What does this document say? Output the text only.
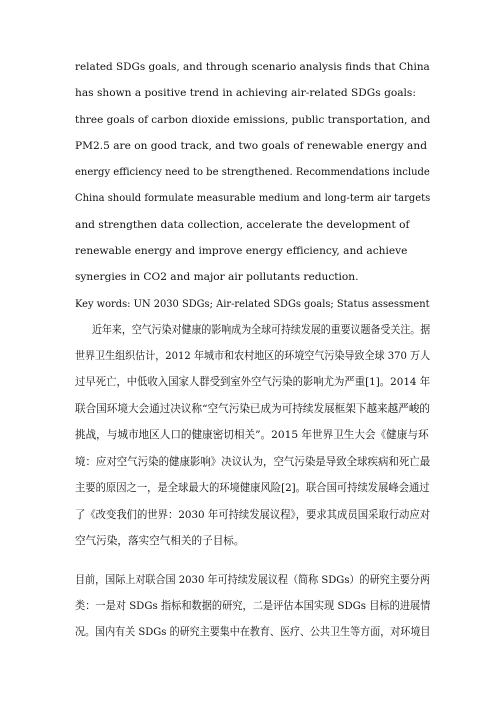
related SDGs goals, and through scenario analysis finds that China
has shown a positive trend in achieving air-related SDGs goals:
three goals of carbon dioxide emissions, public transportation, and
PM2.5 are on good track, and two goals of renewable energy and
energy efficiency need to be strengthened. Recommendations include
China should formulate measurable medium and long-term air targets
and strengthen data collection, accelerate the development of
renewable energy and improve energy efficiency, and achieve
synergies in CO2 and major air pollutants reduction.
Key words: UN 2030 SDGs; Air-related SDGs goals; Status assessment
近年来，空气污染对健康的影响成为全球可持续发展的重要议题备受关注。据
世界卫生组织估计，2012 年城市和农村地区的环境空气污染导致全球 370 万人
过早死亡，中低收入国家人群受到室外空气污染的影响尤为严重[1]。2014 年
联合国环境大会通过决议称“空气污染已成为可持续发展框架下越来越严峻的
挑战，与城市地区人口的健康密切相关”。2015 年世界卫生大会《健康与环
境：应对空气污染的健康影响》决议认为，空气污染是导致全球疾病和死亡最
主要的原因之一，是全球最大的环境健康风险[2]。联合国可持续发展峰会通过
了《改变我们的世界：2030 年可持续发展议程》，要求其成员国采取行动应对
空气污染，落实空气相关的子目标。
目前，国际上对联合国 2030 年可持续发展议程（简称 SDGs）的研究主要分两
类：一是对 SDGs 指标和数据的研究，二是评估本国实现 SDGs 目标的进展情
况。国内有关 SDGs 的研究主要集中在教育、医疗、公共卫生等方面，对环境目
